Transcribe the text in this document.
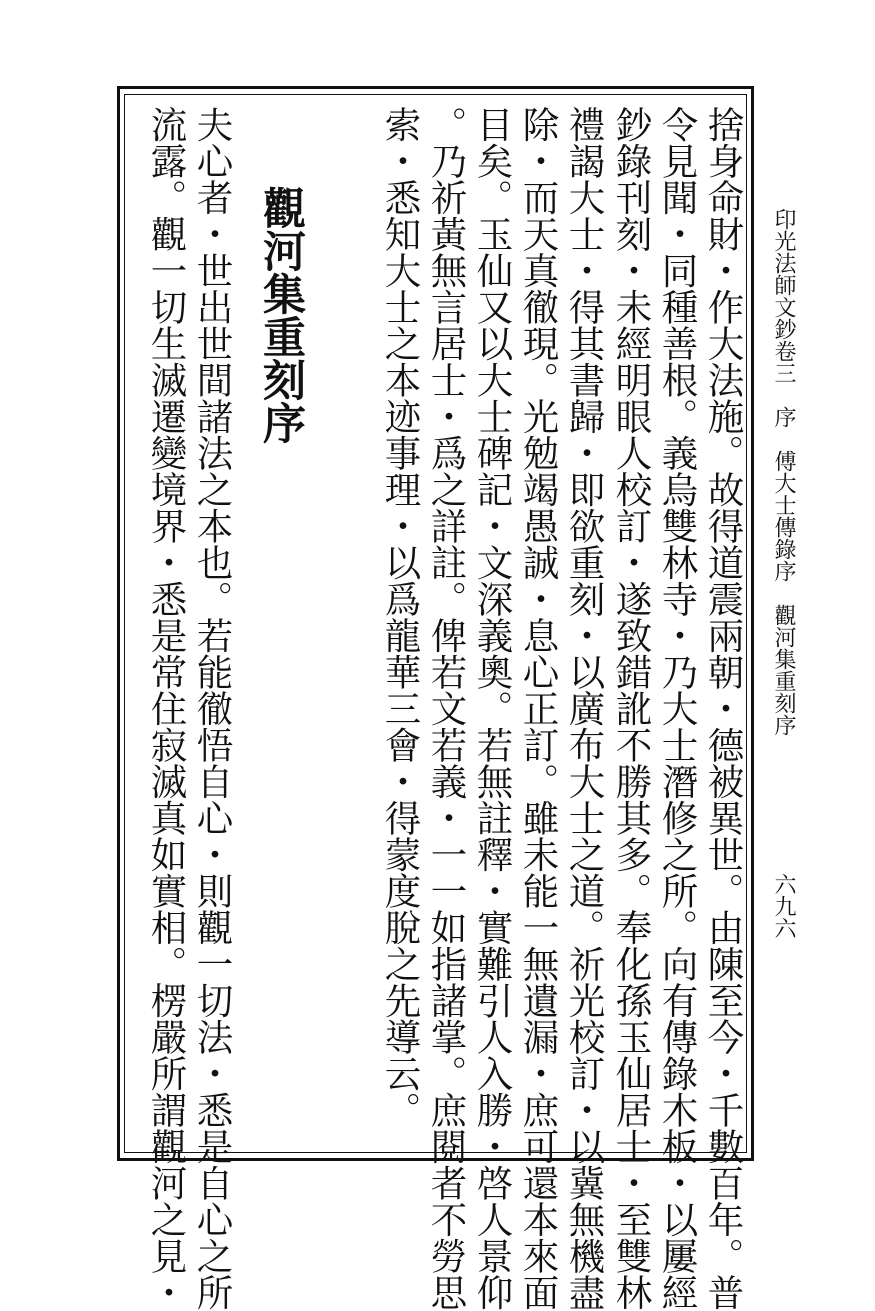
印光法師文鈔卷三　序　傅大士傳錄序　觀河集重刻序
六九六
捨身命財・作大法施。故得道震兩朝・德被異世。由陳至今・千數百年。普
令見聞・同種善根。義烏雙林寺・乃大士潛修之所。向有傳錄木板・以屢經
鈔錄刊刻・未經明眼人校訂・遂致錯訛不勝其多。奉化孫玉仙居士・至雙林
禮謁大士・得其書歸・即欲重刻・以廣布大士之道。祈光校訂・以冀無機盡
除・而天真徹現。光勉竭愚誠・息心正訂。雖未能一無遺漏・庶可還本來面
目矣。玉仙又以大士碑記・文深義奧。若無註釋・實難引人入勝・啓人景仰
。乃祈黃無言居士・爲之詳註。俾若文若義・一一如指諸掌。庶閱者不勞思
索・悉知大士之本迹事理・以爲龍華三會・得蒙度脫之先導云。
觀河集重刻序
夫心者・世出世間諸法之本也。若能徹悟自心・則觀一切法・悉是自心之所
流露。觀一切生滅遷變境界・悉是常住寂滅真如實相。楞嚴所謂觀河之見・
